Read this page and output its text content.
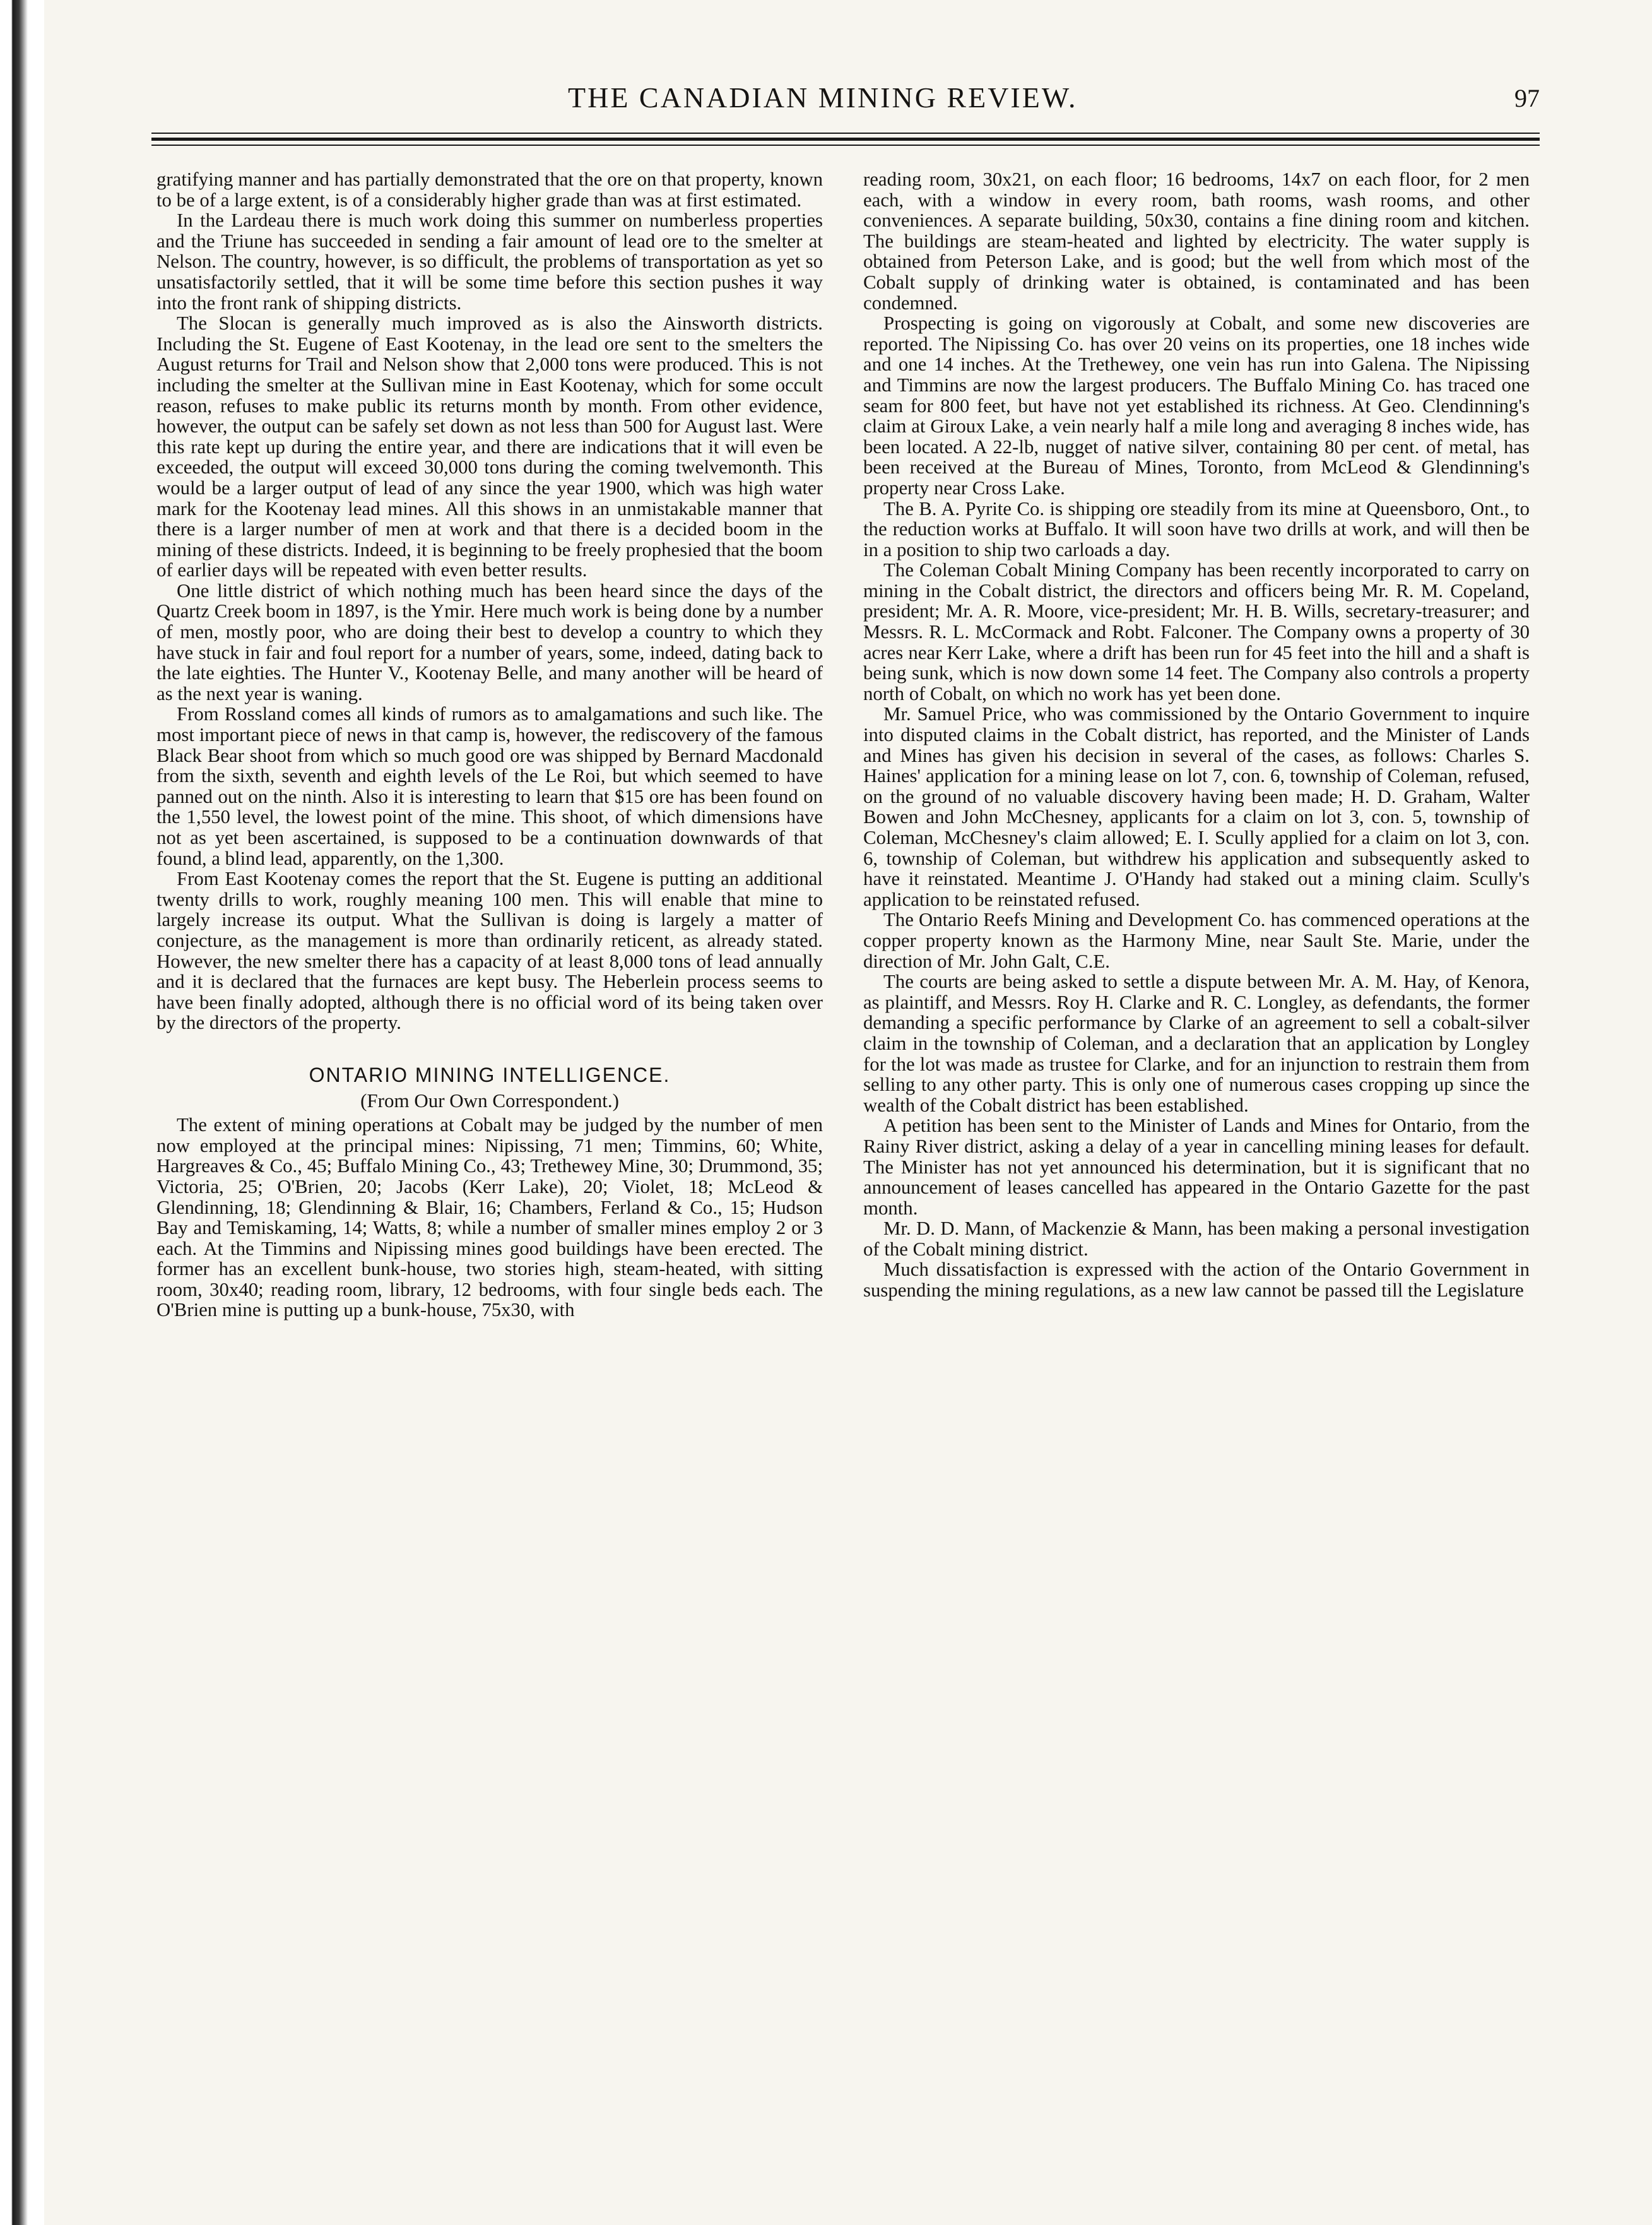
THE CANADIAN MINING REVIEW.	97

gratifying manner and has partially demonstrated that the ore on that property, known to be of a large extent, is of a considerably higher grade than was at first estimated.

In the Lardeau there is much work doing this summer on numberless properties and the Triune has succeeded in sending a fair amount of lead ore to the smelter at Nelson. The country, however, is so difficult, the problems of transportation as yet so unsatisfactorily settled, that it will be some time before this section pushes it way into the front rank of shipping districts.

The Slocan is generally much improved as is also the Ainsworth districts. Including the St. Eugene of East Kootenay, in the lead ore sent to the smelters the August returns for Trail and Nelson show that 2,000 tons were produced. This is not including the smelter at the Sullivan mine in East Kootenay, which for some occult reason, refuses to make public its returns month by month. From other evidence, however, the output can be safely set down as not less than 500 for August last. Were this rate kept up during the entire year, and there are indications that it will even be exceeded, the output will exceed 30,000 tons during the coming twelvemonth. This would be a larger output of lead of any since the year 1900, which was high water mark for the Kootenay lead mines. All this shows in an unmistakable manner that there is a larger number of men at work and that there is a decided boom in the mining of these districts. Indeed, it is beginning to be freely prophesied that the boom of earlier days will be repeated with even better results.

One little district of which nothing much has been heard since the days of the Quartz Creek boom in 1897, is the Ymir. Here much work is being done by a number of men, mostly poor, who are doing their best to develop a country to which they have stuck in fair and foul report for a number of years, some, indeed, dating back to the late eighties. The Hunter V., Kootenay Belle, and many another will be heard of as the next year is waning.

From Rossland comes all kinds of rumors as to amalgamations and such like. The most important piece of news in that camp is, however, the rediscovery of the famous Black Bear shoot from which so much good ore was shipped by Bernard Macdonald from the sixth, seventh and eighth levels of the Le Roi, but which seemed to have panned out on the ninth. Also it is interesting to learn that $15 ore has been found on the 1,550 level, the lowest point of the mine. This shoot, of which dimensions have not as yet been ascertained, is supposed to be a continuation downwards of that found, a blind lead, apparently, on the 1,300.

From East Kootenay comes the report that the St. Eugene is putting an additional twenty drills to work, roughly meaning 100 men. This will enable that mine to largely increase its output. What the Sullivan is doing is largely a matter of conjecture, as the management is more than ordinarily reticent, as already stated. However, the new smelter there has a capacity of at least 8,000 tons of lead annually and it is declared that the furnaces are kept busy. The Heberlein process seems to have been finally adopted, although there is no official word of its being taken over by the directors of the property.

ONTARIO MINING INTELLIGENCE.
(From Our Own Correspondent.)

The extent of mining operations at Cobalt may be judged by the number of men now employed at the principal mines: Nipissing, 71 men; Timmins, 60; White, Hargreaves & Co., 45; Buffalo Mining Co., 43; Trethewey Mine, 30; Drummond, 35; Victoria, 25; O'Brien, 20; Jacobs (Kerr Lake), 20; Violet, 18; McLeod & Glendinning, 18; Glendinning & Blair, 16; Chambers, Ferland & Co., 15; Hudson Bay and Temiskaming, 14; Watts, 8; while a number of smaller mines employ 2 or 3 each. At the Timmins and Nipissing mines good buildings have been erected. The former has an excellent bunk-house, two stories high, steam-heated, with sitting room, 30x40; reading room, library, 12 bedrooms, with four single beds each. The O'Brien mine is putting up a bunk-house, 75x30, with

reading room, 30x21, on each floor; 16 bedrooms, 14x7 on each floor, for 2 men each, with a window in every room, bath rooms, wash rooms, and other conveniences. A separate building, 50x30, contains a fine dining room and kitchen. The buildings are steam-heated and lighted by electricity. The water supply is obtained from Peterson Lake, and is good; but the well from which most of the Cobalt supply of drinking water is obtained, is contaminated and has been condemned.

Prospecting is going on vigorously at Cobalt, and some new discoveries are reported. The Nipissing Co. has over 20 veins on its properties, one 18 inches wide and one 14 inches. At the Trethewey, one vein has run into Galena. The Nipissing and Timmins are now the largest producers. The Buffalo Mining Co. has traced one seam for 800 feet, but have not yet established its richness. At Geo. Clendinning's claim at Giroux Lake, a vein nearly half a mile long and averaging 8 inches wide, has been located. A 22-lb, nugget of native silver, containing 80 per cent. of metal, has been received at the Bureau of Mines, Toronto, from McLeod & Glendinning's property near Cross Lake.

The B. A. Pyrite Co. is shipping ore steadily from its mine at Queensboro, Ont., to the reduction works at Buffalo. It will soon have two drills at work, and will then be in a position to ship two carloads a day.

The Coleman Cobalt Mining Company has been recently incorporated to carry on mining in the Cobalt district, the directors and officers being Mr. R. M. Copeland, president; Mr. A. R. Moore, vice-president; Mr. H. B. Wills, secretary-treasurer; and Messrs. R. L. McCormack and Robt. Falconer. The Company owns a property of 30 acres near Kerr Lake, where a drift has been run for 45 feet into the hill and a shaft is being sunk, which is now down some 14 feet. The Company also controls a property north of Cobalt, on which no work has yet been done.

Mr. Samuel Price, who was commissioned by the Ontario Government to inquire into disputed claims in the Cobalt district, has reported, and the Minister of Lands and Mines has given his decision in several of the cases, as follows: Charles S. Haines' application for a mining lease on lot 7, con. 6, township of Coleman, refused, on the ground of no valuable discovery having been made; H. D. Graham, Walter Bowen and John McChesney, applicants for a claim on lot 3, con. 5, township of Coleman, McChesney's claim allowed; E. I. Scully applied for a claim on lot 3, con. 6, township of Coleman, but withdrew his application and subsequently asked to have it reinstated. Meantime J. O'Handy had staked out a mining claim. Scully's application to be reinstated refused.

The Ontario Reefs Mining and Development Co. has commenced operations at the copper property known as the Harmony Mine, near Sault Ste. Marie, under the direction of Mr. John Galt, C.E.

The courts are being asked to settle a dispute between Mr. A. M. Hay, of Kenora, as plaintiff, and Messrs. Roy H. Clarke and R. C. Longley, as defendants, the former demanding a specific performance by Clarke of an agreement to sell a cobalt-silver claim in the township of Coleman, and a declaration that an application by Longley for the lot was made as trustee for Clarke, and for an injunction to restrain them from selling to any other party. This is only one of numerous cases cropping up since the wealth of the Cobalt district has been established.

A petition has been sent to the Minister of Lands and Mines for Ontario, from the Rainy River district, asking a delay of a year in cancelling mining leases for default. The Minister has not yet announced his determination, but it is significant that no announcement of leases cancelled has appeared in the Ontario Gazette for the past month.

Mr. D. D. Mann, of Mackenzie & Mann, has been making a personal investigation of the Cobalt mining district.

Much dissatisfaction is expressed with the action of the Ontario Government in suspending the mining regulations, as a new law cannot be passed till the Legislature
